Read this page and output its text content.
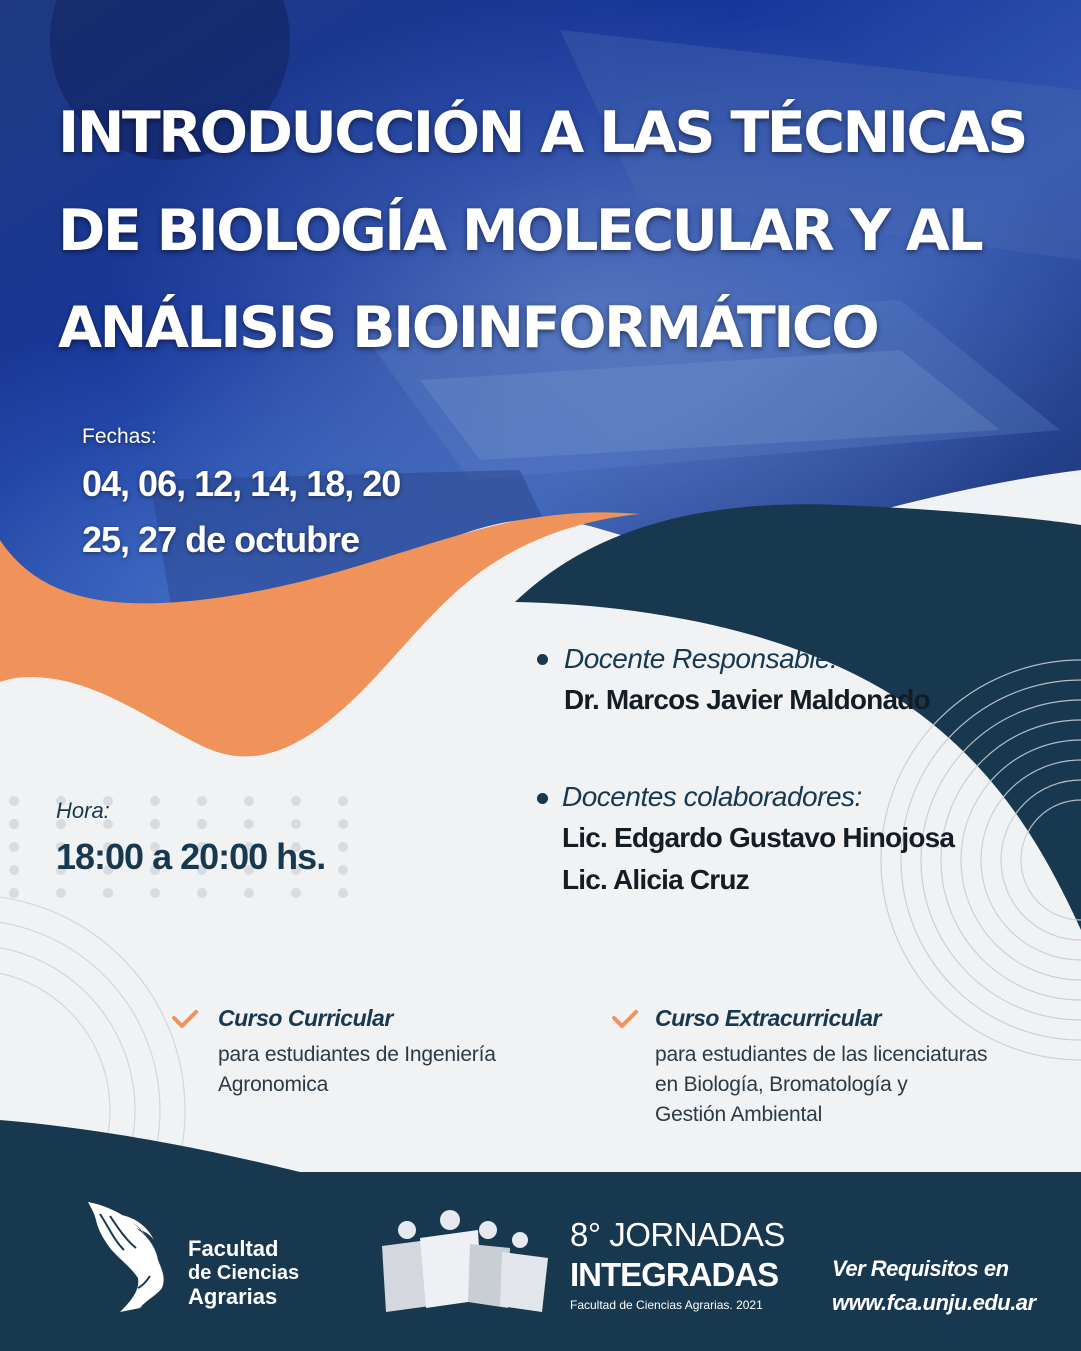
INTRODUCCIÓN A LAS TÉCNICAS
DE BIOLOGÍA MOLECULAR Y AL
ANÁLISIS BIOINFORMÁTICO
Fechas:
04, 06, 12, 14, 18, 20
25, 27 de octubre
Docente Responsable:
Dr. Marcos Javier Maldonado
Docentes colaboradores:
Lic. Edgardo Gustavo Hinojosa
Lic. Alicia Cruz
Hora:
18:00 a 20:00 hs.
Curso Curricular
para estudiantes de Ingeniería
Agronomica
Curso Extracurricular
para estudiantes de las licenciaturas
en Biología, Bromatología y
Gestión Ambiental
Facultad
de Ciencias
Agrarias
8° JORNADAS
INTEGRADAS
Facultad de Ciencias Agrarias. 2021
Ver Requisitos en
www.fca.unju.edu.ar
